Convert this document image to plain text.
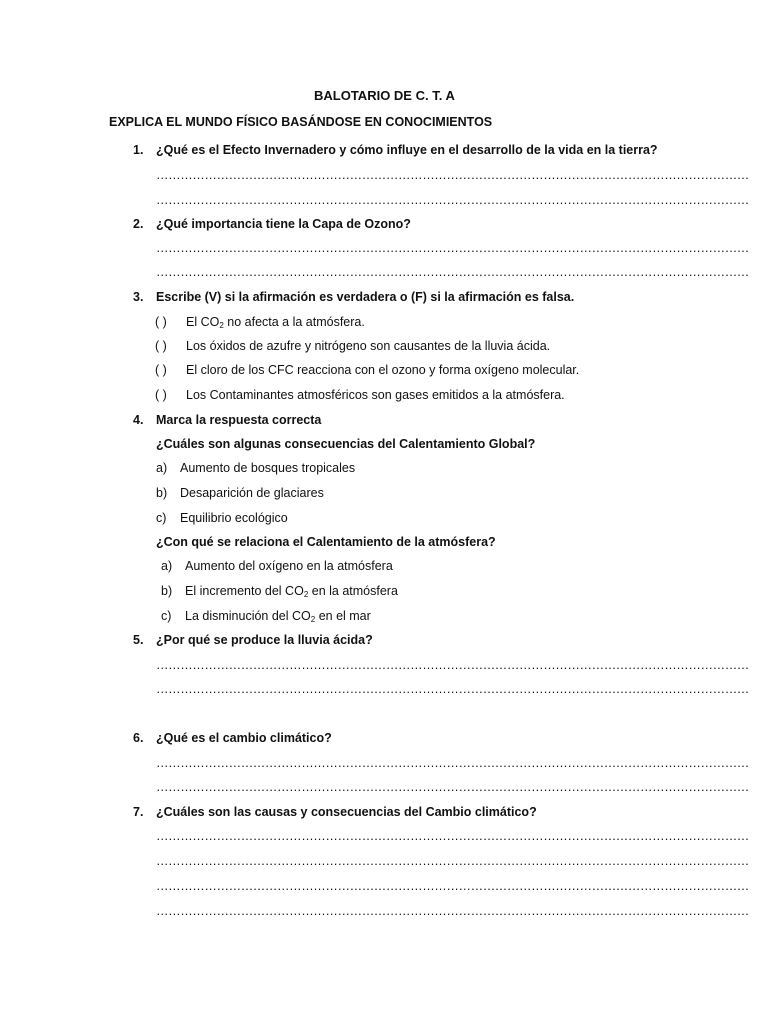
BALOTARIO DE C. T. A
EXPLICA EL MUNDO FÍSICO BASÁNDOSE EN CONOCIMIENTOS
1. ¿Qué es el Efecto Invernadero y cómo influye en el desarrollo de la vida en la tierra?
…………………………………………………………………………………………………………………………………
…………………………………………………………………………………………………………………………………
2. ¿Qué importancia tiene la Capa de Ozono?
…………………………………………………………………………………………………………………………………
…………………………………………………………………………………………………………………………………
3. Escribe (V) si la afirmación es verdadera o (F) si la afirmación es falsa.
( ) El $CO_2$ no afecta a la atmósfera.
( ) Los óxidos de azufre y nitrógeno son causantes de la lluvia ácida.
( ) El cloro de los CFC reacciona con el ozono y forma oxígeno molecular.
( ) Los Contaminantes atmosféricos son gases emitidos a la atmósfera.
4. Marca la respuesta correcta
¿Cuáles son algunas consecuencias del Calentamiento Global?
a) Aumento de bosques tropicales
b) Desaparición de glaciares
c) Equilibrio ecológico
¿Con qué se relaciona el Calentamiento de la atmósfera?
a) Aumento del oxígeno en la atmósfera
b) El incremento del $CO_2$ en la atmósfera
c) La disminución del $CO_2$ en el mar
5. ¿Por qué se produce la lluvia ácida?
…………………………………………………………………………………………………………………………………
…………………………………………………………………………………………………………………………………
6. ¿Qué es el cambio climático?
…………………………………………………………………………………………………………………………………
…………………………………………………………………………………………………………………………………
7. ¿Cuáles son las causas y consecuencias del Cambio climático?
…………………………………………………………………………………………………………………………………
…………………………………………………………………………………………………………………………………
…………………………………………………………………………………………………………………………………
…………………………………………………………………………………………………………………………………
